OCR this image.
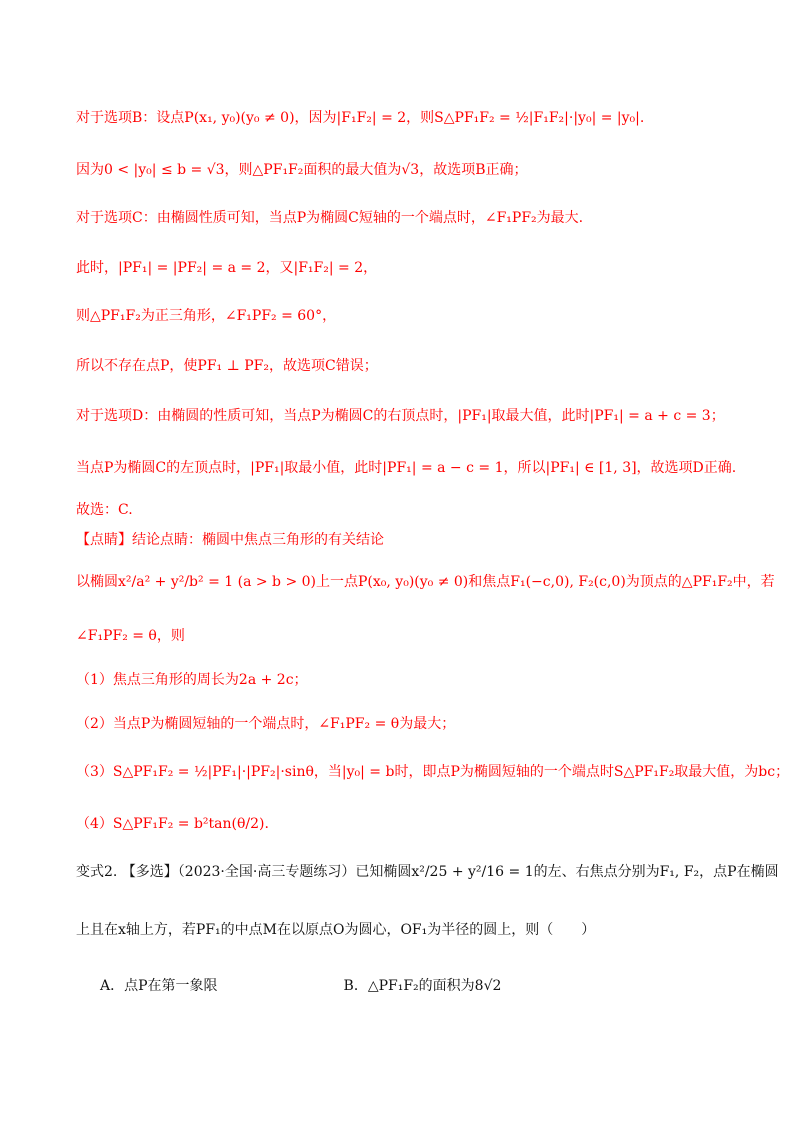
对于选项B：设点P(x₁, y₀)(y₀ ≠ 0)，因为|F₁F₂| = 2，则S△PF₁F₂ = ½|F₁F₂|·|y₀| = |y₀|.
因为0 < |y₀| ≤ b = √3，则△PF₁F₂面积的最大值为√3，故选项B正确；
对于选项C：由椭圆性质可知，当点P为椭圆C短轴的一个端点时，∠F₁PF₂为最大.
此时，|PF₁| = |PF₂| = a = 2，又|F₁F₂| = 2，
则△PF₁F₂为正三角形，∠F₁PF₂ = 60°，
所以不存在点P，使PF₁ ⊥ PF₂，故选项C错误；
对于选项D：由椭圆的性质可知，当点P为椭圆C的右顶点时，|PF₁|取最大值，此时|PF₁| = a + c = 3；
当点P为椭圆C的左顶点时，|PF₁|取最小值，此时|PF₁| = a − c = 1，所以|PF₁| ∈ [1, 3]，故选项D正确.
故选：C.
【点睛】结论点睛：椭圆中焦点三角形的有关结论
以椭圆x²/a² + y²/b² = 1 (a > b > 0)上一点P(x₀, y₀)(y₀ ≠ 0)和焦点F₁(−c,0), F₂(c,0)为顶点的△PF₁F₂中，若
∠F₁PF₂ = θ，则
（1）焦点三角形的周长为2a + 2c；
（2）当点P为椭圆短轴的一个端点时，∠F₁PF₂ = θ为最大；
（3）S△PF₁F₂ = ½|PF₁|·|PF₂|·sinθ，当|y₀| = b时，即点P为椭圆短轴的一个端点时S△PF₁F₂取最大值，为bc；
（4）S△PF₁F₂ = b²tan(θ/2).
变式2. 【多选】（2023·全国·高三专题练习）已知椭圆x²/25 + y²/16 = 1的左、右焦点分别为F₁, F₂，点P在椭圆
上且在x轴上方，若PF₁的中点M在以原点O为圆心，OF₁为半径的圆上，则（　　）
A．点P在第一象限　　　　　　　　　B．△PF₁F₂的面积为8√2
